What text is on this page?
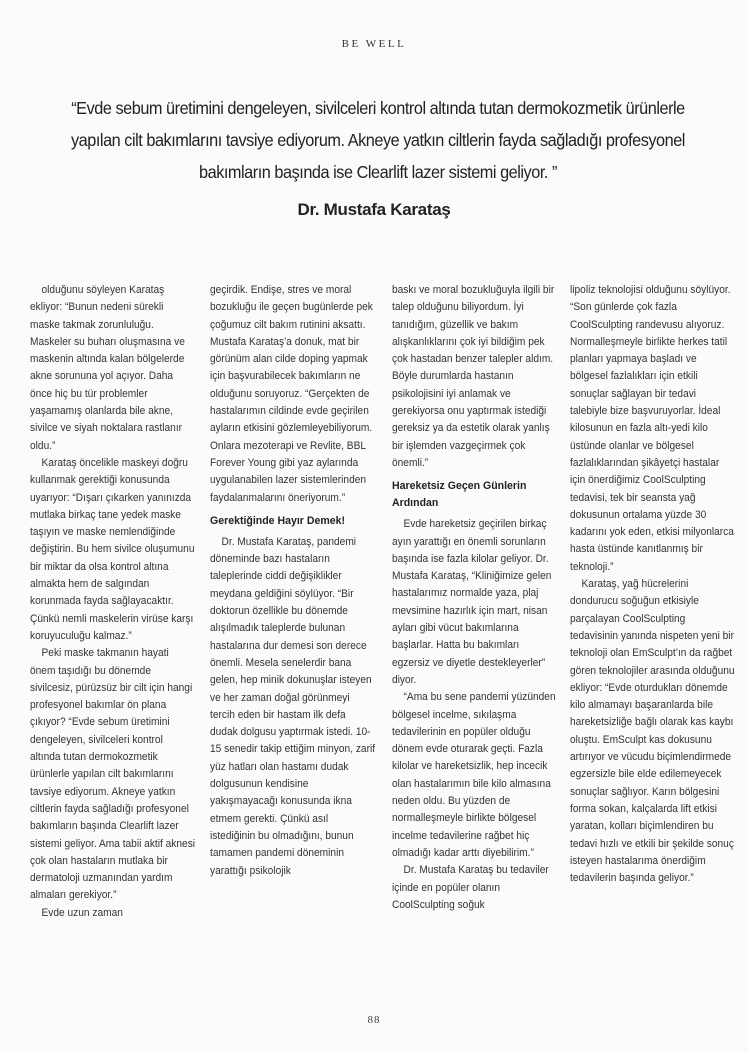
BE WELL

“Evde sebum üretimini dengeleyen, sivilceleri kontrol altında tutan dermokozmetik ürünlerle yapılan cilt bakımlarını tavsiye ediyorum. Akneye yatkın ciltlerin fayda sağladığı profesyonel bakımların başında ise Clearlift lazer sistemi geliyor. ”

Dr. Mustafa Karataş

olduğunu söyleyen Karataş ekliyor: “Bunun nedeni sürekli maske takmak zorunluluğu. Maskeler su buharı oluşmasına ve maskenin altında kalan bölgelerde akne sorununa yol açıyor. Daha önce hiç bu tür problemler yaşamamış olanlarda bile akne, sivilce ve siyah noktalara rastlanır oldu.”

Karataş öncelikle maskeyi doğru kullanmak gerektiği konusunda uyarıyor: “Dışarı çıkarken yanınızda mutlaka birkaç tane yedek maske taşıyın ve maske nemlendiğinde değiştirin. Bu hem sivilce oluşumunu bir miktar da olsa kontrol altına almakta hem de salgından korunmada fayda sağlayacaktır. Çünkü nemli maskelerin virüse karşı koruyuculuğu kalmaz.”

Peki maske takmanın hayati önem taşıdığı bu dönemde sivilcesiz, pürüzsüz bir cilt için hangi profesyonel bakımlar ön plana çıkıyor? “Evde sebum üretimini dengeleyen, sivilceleri kontrol altında tutan dermokozmetik ürünlerle yapılan cilt bakımlarını tavsiye ediyorum. Akneye yatkın ciltlerin fayda sağladığı profesyonel bakımların başında Clearlift lazer sistemi geliyor. Ama tabii aktif aknesi çok olan hastaların mutlaka bir dermatoloji uzmanından yardım almaları gerekiyor.”

Evde uzun zaman

geçirdik. Endişe, stres ve moral bozukluğu ile geçen bugünlerde pek çoğumuz cilt bakım rutinini aksattı. Mustafa Karataş’a donuk, mat bir görünüm alan cilde doping yapmak için başvurabilecek bakımların ne olduğunu soruyoruz. “Gerçekten de hastalarımın cildinde evde geçirilen ayların etkisini gözlemleyebiliyorum. Onlara mezoterapi ve Revlite, BBL Forever Young gibi yaz aylarında uygulanabilen lazer sistemlerinden faydalanmalarını öneriyorum.”

Gerektiğinde Hayır Demek!

Dr. Mustafa Karataş, pandemi döneminde bazı hastaların taleplerinde ciddi değişiklikler meydana geldiğini söylüyor. “Bir doktorun özellikle bu dönemde alışılmadık taleplerde bulunan hastalarına dur demesi son derece önemli. Mesela senelerdir bana gelen, hep minik dokunuşlar isteyen ve her zaman doğal görünmeyi tercih eden bir hastam ilk defa dudak dolgusu yaptırmak istedi. 10-15 senedir takip ettiğim minyon, zarif yüz hatları olan hastamı dudak dolgusunun kendisine yakışmayacağı konusunda ikna etmem gerekti. Çünkü asıl istediğinin bu olmadığını, bunun tamamen pandemi döneminin yarattığı psikolojik

baskı ve moral bozukluğuyla ilgili bir talep olduğunu biliyordum. İyi tanıdığım, güzellik ve bakım alışkanlıklarını çok iyi bildiğim pek çok hastadan benzer talepler aldım. Böyle durumlarda hastanın psikolojisini iyi anlamak ve gerekiyorsa onu yaptırmak istediği gereksiz ya da estetik olarak yanlış bir işlemden vazgeçirmek çok önemli.”

Hareketsiz Geçen Günlerin Ardından

Evde hareketsiz geçirilen birkaç ayın yarattığı en önemli sorunların başında ise fazla kilolar geliyor. Dr. Mustafa Karataş, “Kliniğimize gelen hastalarımız normalde yaza, plaj mevsimine hazırlık için mart, nisan ayları gibi vücut bakımlarına başlarlar. Hatta bu bakımları egzersiz ve diyetle destekleyerler” diyor.

“Ama bu sene pandemi yüzünden bölgesel incelme, sıkılaşma tedavilerinin en popüler olduğu dönem evde oturarak geçti. Fazla kilolar ve hareketsizlik, hep incecik olan hastalarımın bile kilo almasına neden oldu. Bu yüzden de normalleşmeyle birlikte bölgesel incelme tedavilerine rağbet hiç olmadığı kadar arttı diyebilirim.”

Dr. Mustafa Karataş bu tedaviler içinde en popüler olanın CoolSculpting soğuk

lipoliz teknolojisi olduğunu söylüyor. “Son günlerde çok fazla CoolSculpting randevusu alıyoruz. Normalleşmeyle birlikte herkes tatil planları yapmaya başladı ve bölgesel fazlalıkları için etkili sonuçlar sağlayan bir tedavi talebiyle bize başvuruyorlar. İdeal kilosunun en fazla altı-yedi kilo üstünde olanlar ve bölgesel fazlalıklarından şikâyetçi hastalar için önerdiğimiz CoolSculpting tedavisi, tek bir seansta yağ dokusunun ortalama yüzde 30 kadarını yok eden, etkisi milyonlarca hasta üstünde kanıtlanmış bir teknoloji.”

Karataş, yağ hücrelerini dondurucu soğuğun etkisiyle parçalayan CoolSculpting tedavisinin yanında nispeten yeni bir teknoloji olan EmSculpt’ın da rağbet gören teknolojiler arasında olduğunu ekliyor: “Evde oturdukları dönemde kilo almamayı başaranlarda bile hareketsizliğe bağlı olarak kas kaybı oluştu. EmSculpt kas dokusunu artırıyor ve vücudu biçimlendirmede egzersizle bile elde edilemeyecek sonuçlar sağlıyor. Karın bölgesini forma sokan, kalçalarda lift etkisi yaratan, kolları biçimlendiren bu tedavi hızlı ve etkili bir şekilde sonuç isteyen hastalarıma önerdiğim tedavilerin başında geliyor.”

88
